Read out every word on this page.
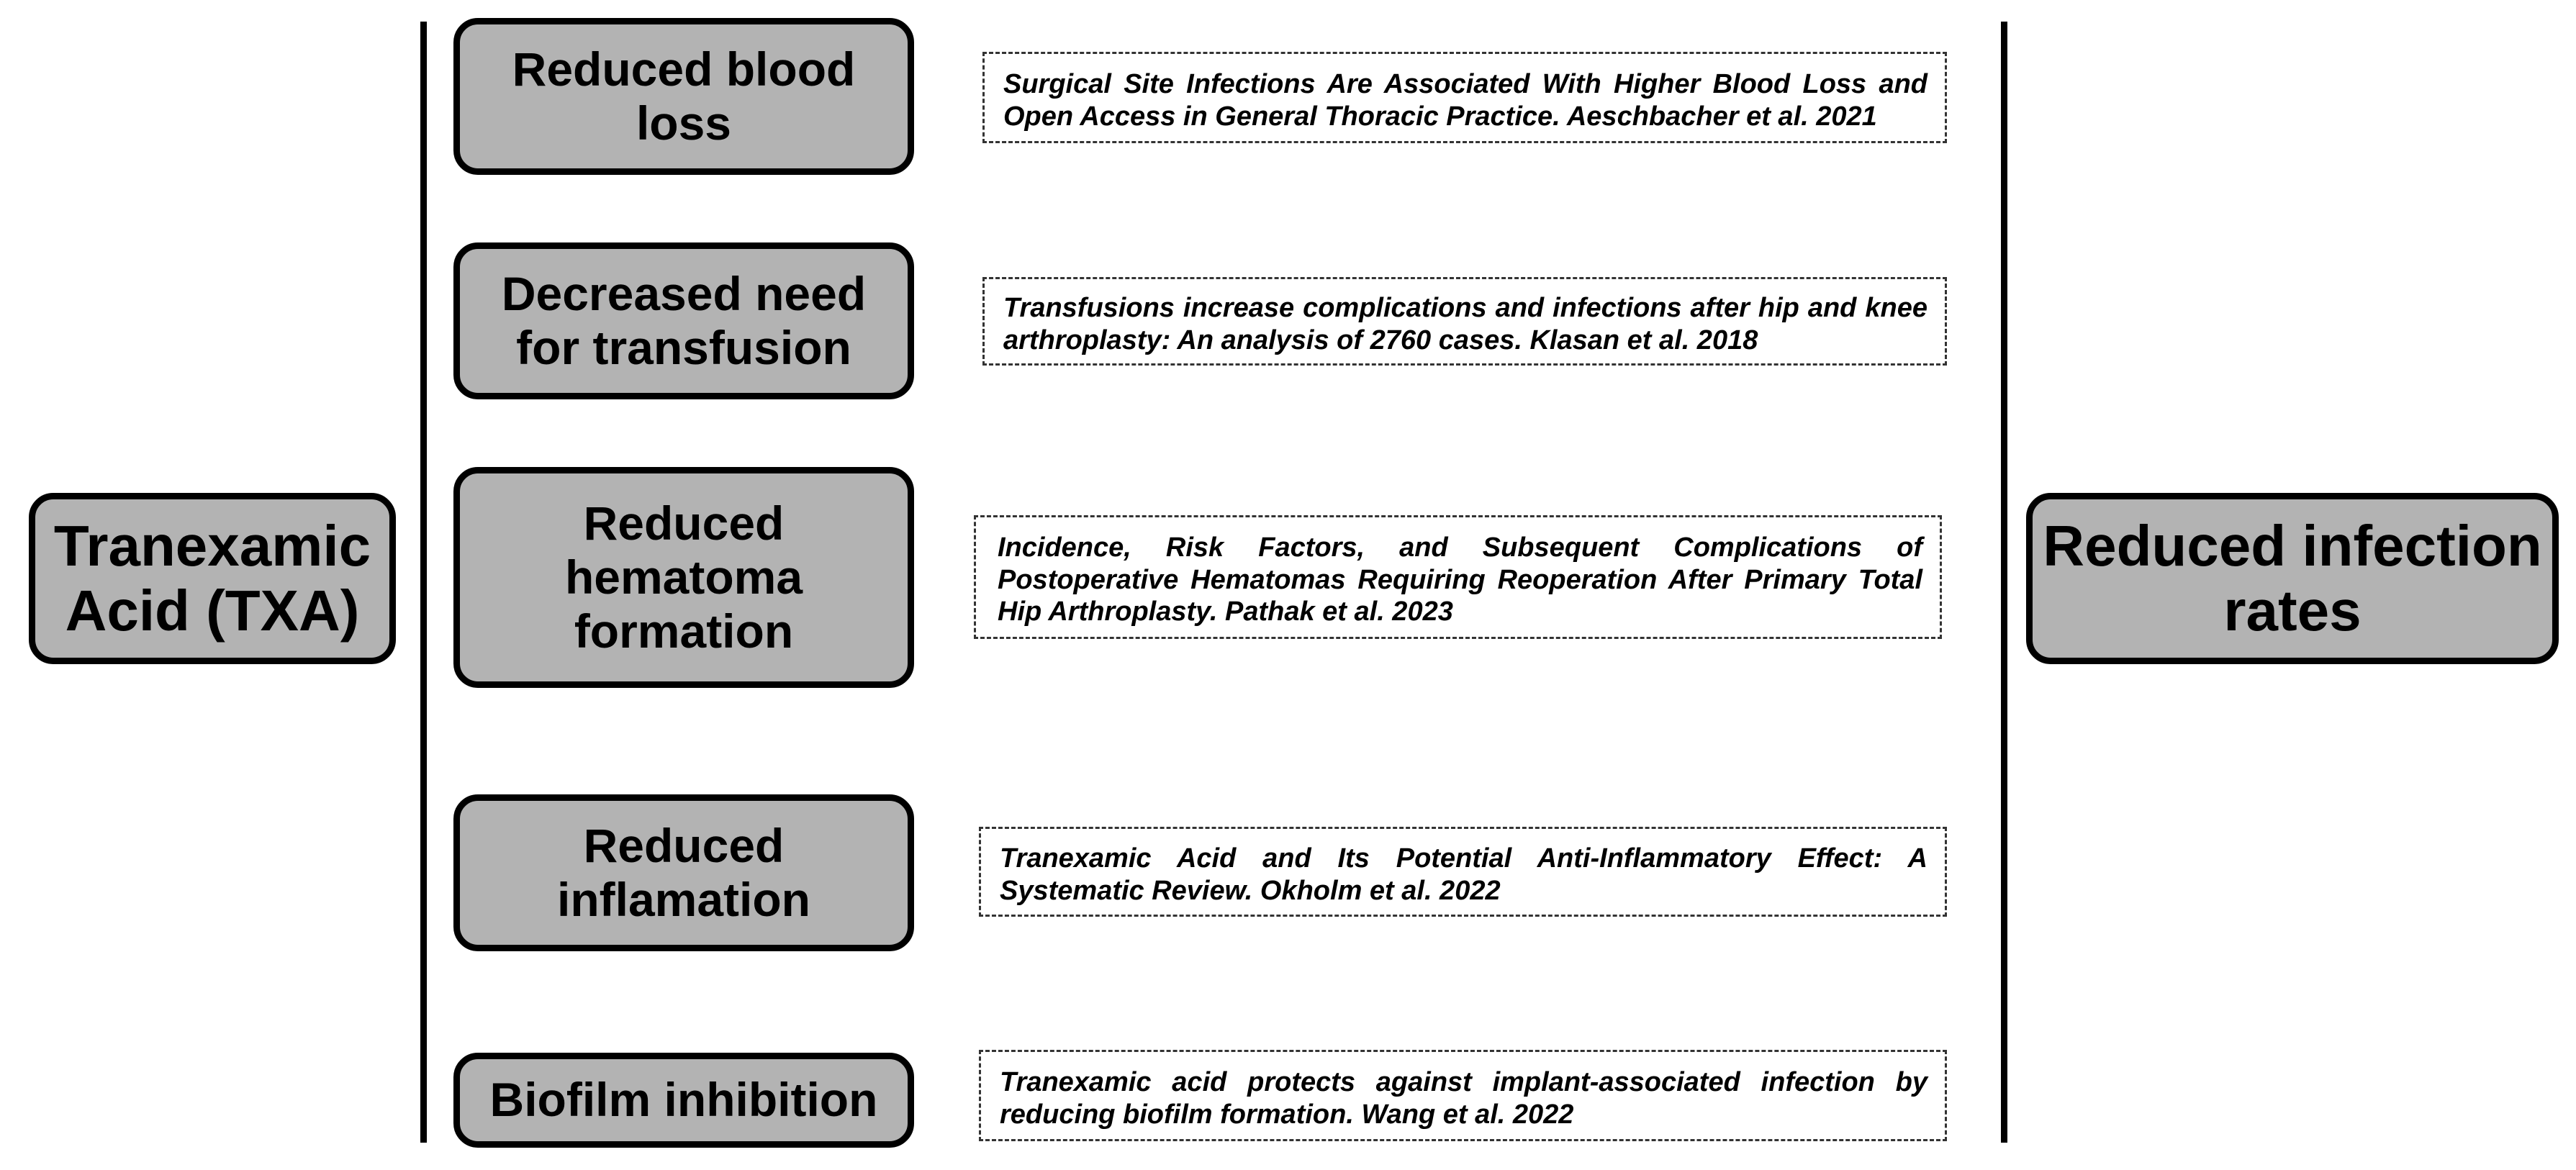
Tranexamic
Acid (TXA)
Reduced blood
loss
Surgical Site Infections Are Associated With Higher Blood Loss and Open Access in General Thoracic Practice. Aeschbacher et al. 2021
Decreased need
for transfusion
Transfusions increase complications and infections after hip and knee arthroplasty: An analysis of 2760 cases. Klasan et al. 2018
Reduced
hematoma
formation
Incidence, Risk Factors, and Subsequent Complications of Postoperative Hematomas Requiring Reoperation After Primary Total Hip Arthroplasty. Pathak et al. 2023
Reduced
inflamation
Tranexamic Acid and Its Potential Anti-Inflammatory Effect: A Systematic Review. Okholm et al. 2022
Biofilm inhibition	Tranexamic acid protects against implant-associated infection by reducing biofilm formation. Wang et al. 2022
Reduced infection
rates
